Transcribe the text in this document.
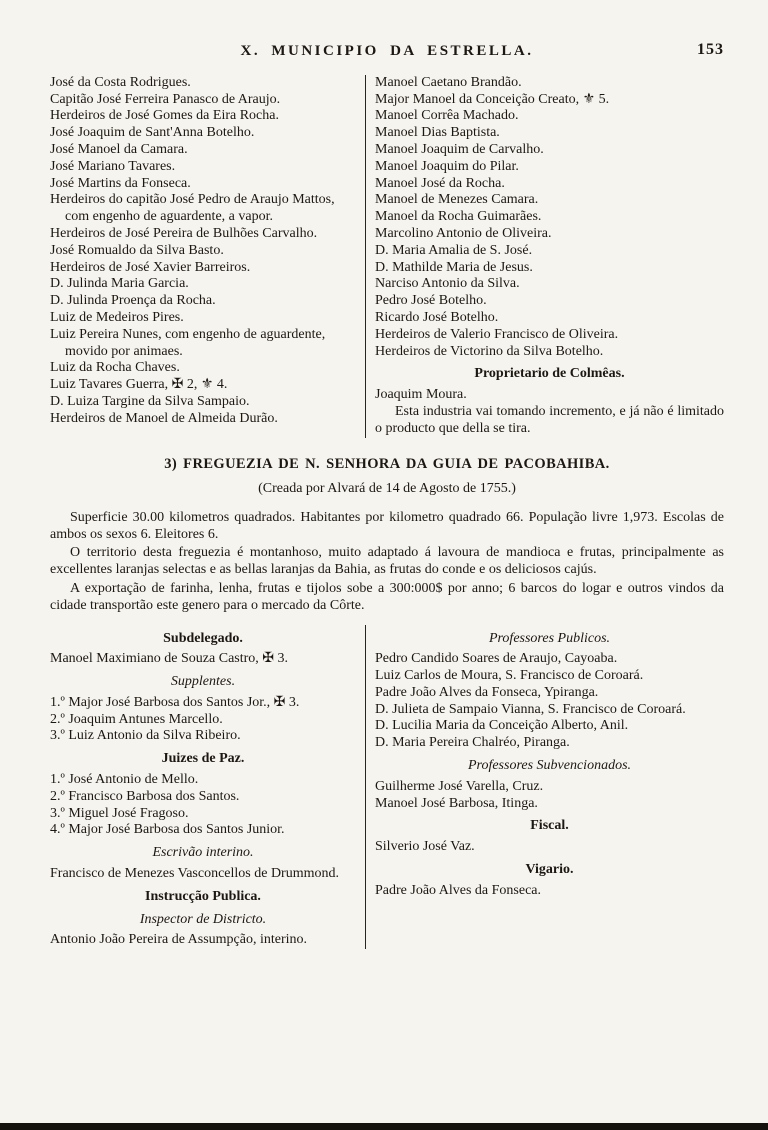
X. MUNICIPIO DA ESTRELLA.	153
José da Costa Rodrigues.
Capitão José Ferreira Panasco de Araujo.
Herdeiros de José Gomes da Eira Rocha.
José Joaquim de Sant'Anna Botelho.
José Manoel da Camara.
José Mariano Tavares.
José Martins da Fonseca.
Herdeiros do capitão José Pedro de Araujo Mattos, com engenho de aguardente, a vapor.
Herdeiros de José Pereira de Bulhões Carvalho.
José Romualdo da Silva Basto.
Herdeiros de José Xavier Barreiros.
D. Julinda Maria Garcia.
D. Julinda Proença da Rocha.
Luiz de Medeiros Pires.
Luiz Pereira Nunes, com engenho de aguardente, movido por animaes.
Luiz da Rocha Chaves.
Luiz Tavares Guerra, ✠ 2, ⚜ 4.
D. Luiza Targine da Silva Sampaio.
Herdeiros de Manoel de Almeida Durão.
Manoel Caetano Brandão.
Major Manoel da Conceição Creato, ⚜ 5.
Manoel Corrêa Machado.
Manoel Dias Baptista.
Manoel Joaquim de Carvalho.
Manoel Joaquim do Pilar.
Manoel José da Rocha.
Manoel de Menezes Camara.
Manoel da Rocha Guimarães.
Marcolino Antonio de Oliveira.
D. Maria Amalia de S. José.
D. Mathilde Maria de Jesus.
Narciso Antonio da Silva.
Pedro José Botelho.
Ricardo José Botelho.
Herdeiros de Valerio Francisco de Oliveira.
Herdeiros de Victorino da Silva Botelho.
Proprietario de Colmêas.
Joaquim Moura.
Esta industria vai tomando incremento, e já não é limitado o producto que della se tira.
3) FREGUEZIA DE N. SENHORA DA GUIA DE PACOBAHIBA.
(Creada por Alvará de 14 de Agosto de 1755.)

Superficie 30.00 kilometros quadrados. Habitantes por kilometro quadrado 66. População livre 1,973. Escolas de ambos os sexos 6. Eleitores 6.

O territorio desta freguezia é montanhoso, muito adaptado á lavoura de mandioca e frutas, principalmente as excellentes laranjas selectas e as bellas laranjas da Bahia, as frutas do conde e os deliciosos cajús.

A exportação de farinha, lenha, frutas e tijolos sobe a 300:000$ por anno; 6 barcos do logar e outros vindos da cidade transportão este genero para o mercado da Côrte.

Subdelegado.
Manoel Maximiano de Souza Castro, ✠ 3.
Supplentes.
1.º Major José Barbosa dos Santos Jor., ✠ 3.
2.º Joaquim Antunes Marcello.
3.º Luiz Antonio da Silva Ribeiro.
Juizes de Paz.
1.º José Antonio de Mello.
2.º Francisco Barbosa dos Santos.
3.º Miguel José Fragoso.
4.º Major José Barbosa dos Santos Junior.
Escrivão interino.
Francisco de Menezes Vasconcellos de Drummond.
Instrucção Publica.
Inspector de Districto.
Antonio João Pereira de Assumpção, interino.
Professores Publicos.
Pedro Candido Soares de Araujo, Cayoaba.
Luiz Carlos de Moura, S. Francisco de Coroará.
Padre João Alves da Fonseca, Ypiranga.
D. Julieta de Sampaio Vianna, S. Francisco de Coroará.
D. Lucilia Maria da Conceição Alberto, Anil.
D. Maria Pereira Chalréo, Piranga.
Professores Subvencionados.
Guilherme José Varella, Cruz.
Manoel José Barbosa, Itinga.
Fiscal.
Silverio José Vaz.
Vigario.
Padre João Alves da Fonseca.
